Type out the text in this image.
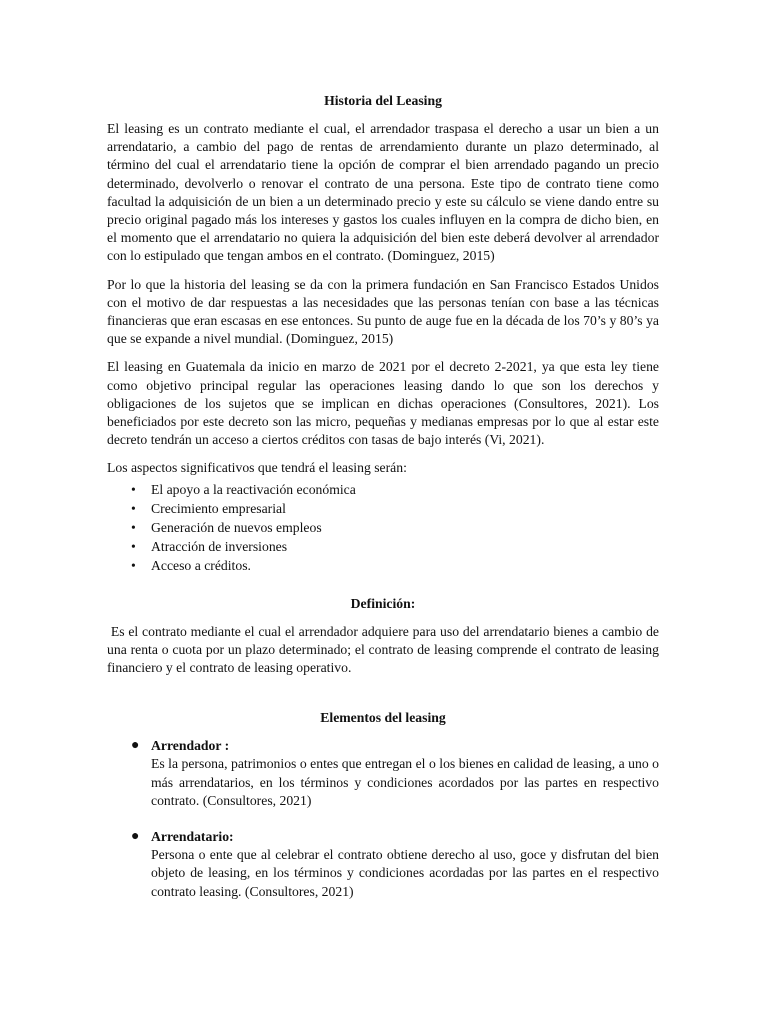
Historia del Leasing

El leasing es un contrato mediante el cual, el arrendador traspasa el derecho a usar un bien a un arrendatario, a cambio del pago de rentas de arrendamiento durante un plazo determinado, al término del cual el arrendatario tiene la opción de comprar el bien arrendado pagando un precio determinado, devolverlo o renovar el contrato de una persona. Este tipo de contrato tiene como facultad la adquisición de un bien a un determinado precio y este su cálculo se viene dando entre su precio original pagado más los intereses y gastos los cuales influyen en la compra de dicho bien, en el momento que el arrendatario no quiera la adquisición del bien este deberá devolver al arrendador con lo estipulado que tengan ambos en el contrato. (Dominguez, 2015)

Por lo que la historia del leasing se da con la primera fundación en San Francisco Estados Unidos con el motivo de dar respuestas a las necesidades que las personas tenían con base a las técnicas financieras que eran escasas en ese entonces. Su punto de auge fue en la década de los 70’s y 80’s ya que se expande a nivel mundial. (Dominguez, 2015)

El leasing en Guatemala da inicio en marzo de 2021 por el decreto 2-2021, ya que esta ley tiene como objetivo principal regular las operaciones leasing dando lo que son los derechos y obligaciones de los sujetos que se implican en dichas operaciones (Consultores, 2021). Los beneficiados por este decreto son las micro, pequeñas y medianas empresas por lo que al estar este decreto tendrán un acceso a ciertos créditos con tasas de bajo interés (Vi, 2021).

Los aspectos significativos que tendrá el leasing serán:

• El apoyo a la reactivación económica
• Crecimiento empresarial
• Generación de nuevos empleos
• Atracción de inversiones
• Acceso a créditos.
Definición:

Es el contrato mediante el cual el arrendador adquiere para uso del arrendatario bienes a cambio de una renta o cuota por un plazo determinado; el contrato de leasing comprende el contrato de leasing financiero y el contrato de leasing operativo.

Elementos del leasing
● Arrendador :
Es la persona, patrimonios o entes que entregan el o los bienes en calidad de leasing, a uno o más arrendatarios, en los términos y condiciones acordados por las partes en respectivo contrato. (Consultores, 2021)
● Arrendatario:
Persona o ente que al celebrar el contrato obtiene derecho al uso, goce y disfrutan del bien objeto de leasing, en los términos y condiciones acordadas por las partes en el respectivo contrato leasing. (Consultores, 2021)
